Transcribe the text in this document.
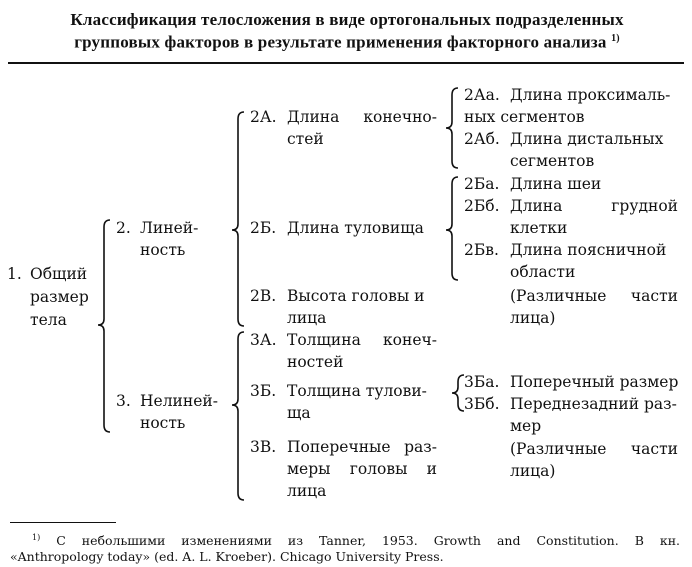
Классификация телосложения в виде ортогональных подразделенных
групповых факторов в результате применения факторного анализа $^{1)}$
1. Общий
размер
тела
2. Линей-
ность
3. Нелиней-
ность
2А. Длина конечно-
стей
2Б. Длина туловища
2В. Высота головы и
лица
3А. Толщина конеч-
ностей
3Б. Толщина тулови-
ща
3В. Поперечные раз-
меры головы и
лица
2Аа. Длина проксималь-
ных сегментов
2Аб. Длина дистальных
сегментов
2Ба. Длина шеи
2Бб. Длина грудной
клетки
2Бв. Длина поясничной
области
(Различные части
лица)
3Ба. Поперечный размер
3Бб. Переднезадний раз-
мер
(Различные части
лица)
$^{1)}$ С небольшими изменениями из Tanner, 1953. Growth and Constitution. В кн.
«Anthropology today» (ed. A. L. Kroeber). Chicago University Press.
